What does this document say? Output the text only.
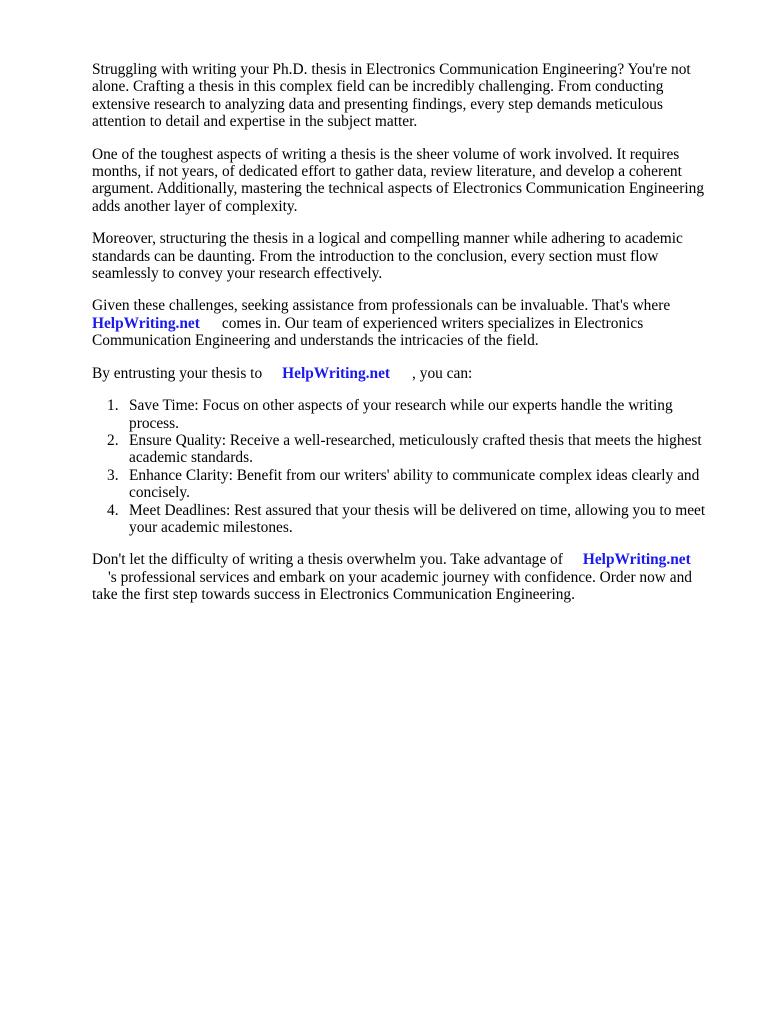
Struggling with writing your Ph.D. thesis in Electronics Communication Engineering? You're not alone. Crafting a thesis in this complex field can be incredibly challenging. From conducting extensive research to analyzing data and presenting findings, every step demands meticulous attention to detail and expertise in the subject matter.

One of the toughest aspects of writing a thesis is the sheer volume of work involved. It requires months, if not years, of dedicated effort to gather data, review literature, and develop a coherent argument. Additionally, mastering the technical aspects of Electronics Communication Engineering adds another layer of complexity.

Moreover, structuring the thesis in a logical and compelling manner while adhering to academic standards can be daunting. From the introduction to the conclusion, every section must flow seamlessly to convey your research effectively.

Given these challenges, seeking assistance from professionals can be invaluable. That's where
HelpWriting.net comes in. Our team of experienced writers specializes in Electronics Communication Engineering and understands the intricacies of the field.

By entrusting your thesis to HelpWriting.net , you can:

1. Save Time: Focus on other aspects of your research while our experts handle the writing process.
2. Ensure Quality: Receive a well-researched, meticulously crafted thesis that meets the highest academic standards.
3. Enhance Clarity: Benefit from our writers' ability to communicate complex ideas clearly and concisely.
4. Meet Deadlines: Rest assured that your thesis will be delivered on time, allowing you to meet your academic milestones.

Don't let the difficulty of writing a thesis overwhelm you. Take advantage of HelpWriting.net
's professional services and embark on your academic journey with confidence. Order now and take the first step towards success in Electronics Communication Engineering.
